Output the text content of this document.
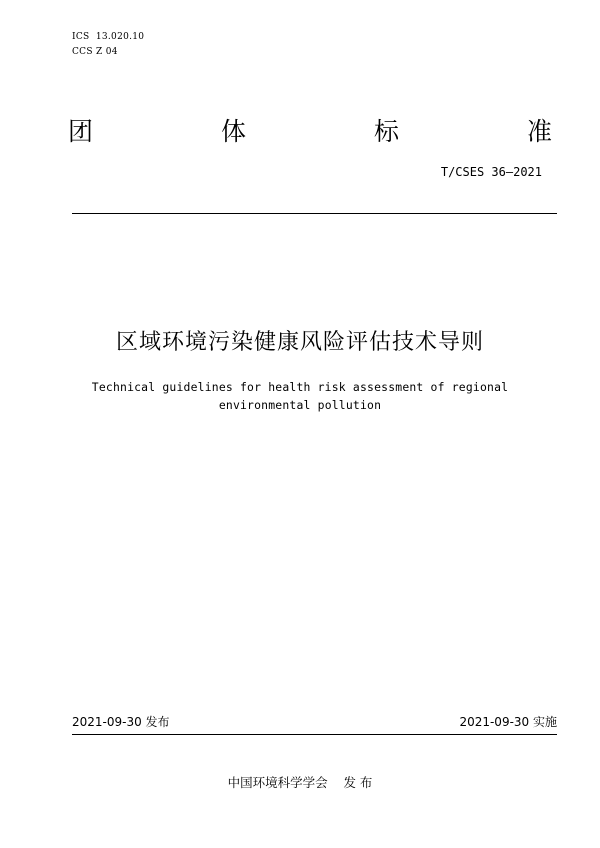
ICS  13.020.10
CCS Z 04
团	体	标	准
T/CSES 36—2021
区域环境污染健康风险评估技术导则
Technical guidelines for health risk assessment of regional
environmental pollution
2021-09-30 发布	2021-09-30 实施
中国环境科学学会    发 布
